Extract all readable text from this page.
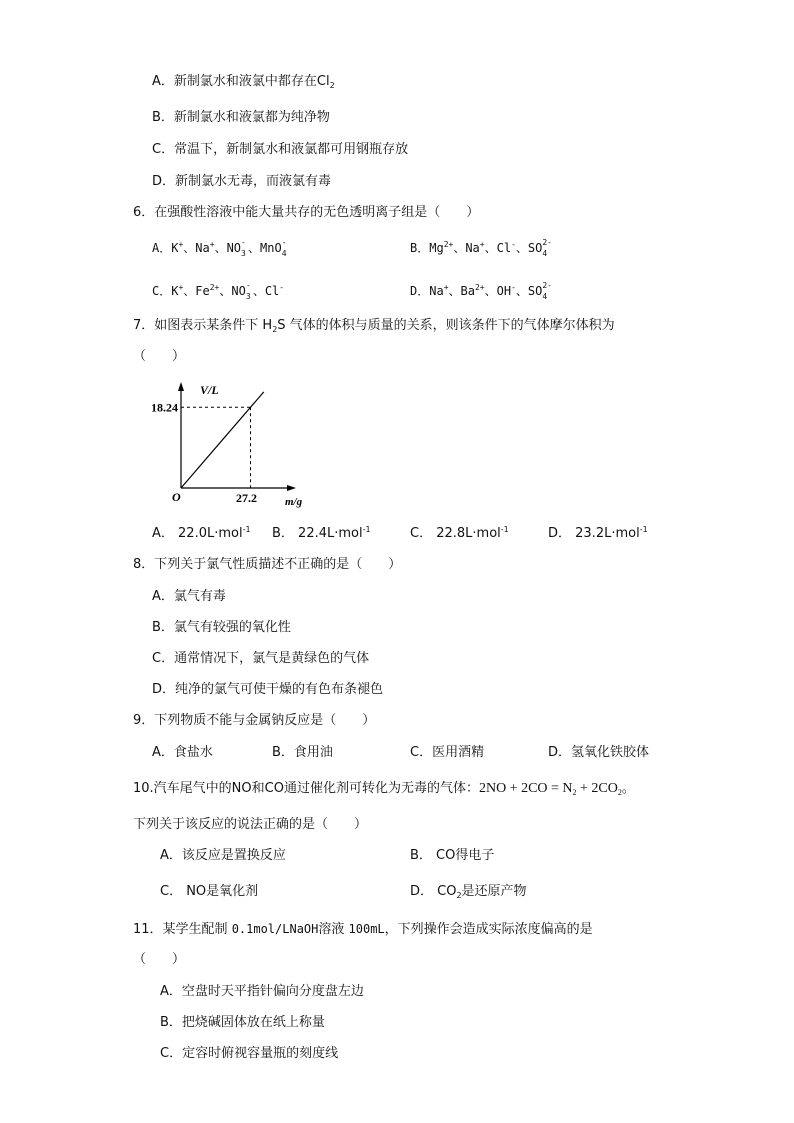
A．新制氯水和液氯中都存在$Cl_2$
B．新制氯水和液氯都为纯净物
C．常温下，新制氯水和液氯都可用钢瓶存放
D．新制氯水无毒，而液氯有毒
6．在强酸性溶液中能大量共存的无色透明离子组是（　　）
A．K+、Na+、NO -
3 、MnO -
4	B．$Mg^{2+}$、Na+、Cl-、SO 2-
4
C．K+、$Fe^{2+}$、NO -
3 、Cl-	D．Na+、$Ba^{2+}$、OH-、SO 2-
4
7．如图表示某条件下 $H_2S$ 气体的体积与质量的关系，则该条件下的气体摩尔体积为
（　　）
V/L
m/g
O
18.24
27.2
A． 22.0L·mol$^{-1}$ B． 22.4L·mol$^{-1}$	C． 22.8L·mol$^{-1}$	D． 23.2L·mol$^{-1}$
8．下列关于氯气性质描述不正确的是（　　）
A．氯气有毒
B．氯气有较强的氧化性
C．通常情况下，氯气是黄绿色的气体
D．纯净的氯气可使干燥的有色布条褪色
9．下列物质不能与金属钠反应是（　　）
A．食盐水	B．食用油	C．医用酒精	D．氢氧化铁胶体
10.汽车尾气中的NO和CO通过催化剂可转化为无毒的气体：$2NO + 2CO = N_2 + 2CO_2$。
下列关于该反应的说法正确的是（　　）
A．该反应是置换反应	B． CO得电子
C． NO是氧化剂	D． $CO_2$是还原产物
11．某学生配制 0.1mol/LNaOH溶液 100mL，下列操作会造成实际浓度偏高的是
（　　）
A．空盘时天平指针偏向分度盘左边
B．把烧碱固体放在纸上称量
C．定容时俯视容量瓶的刻度线
